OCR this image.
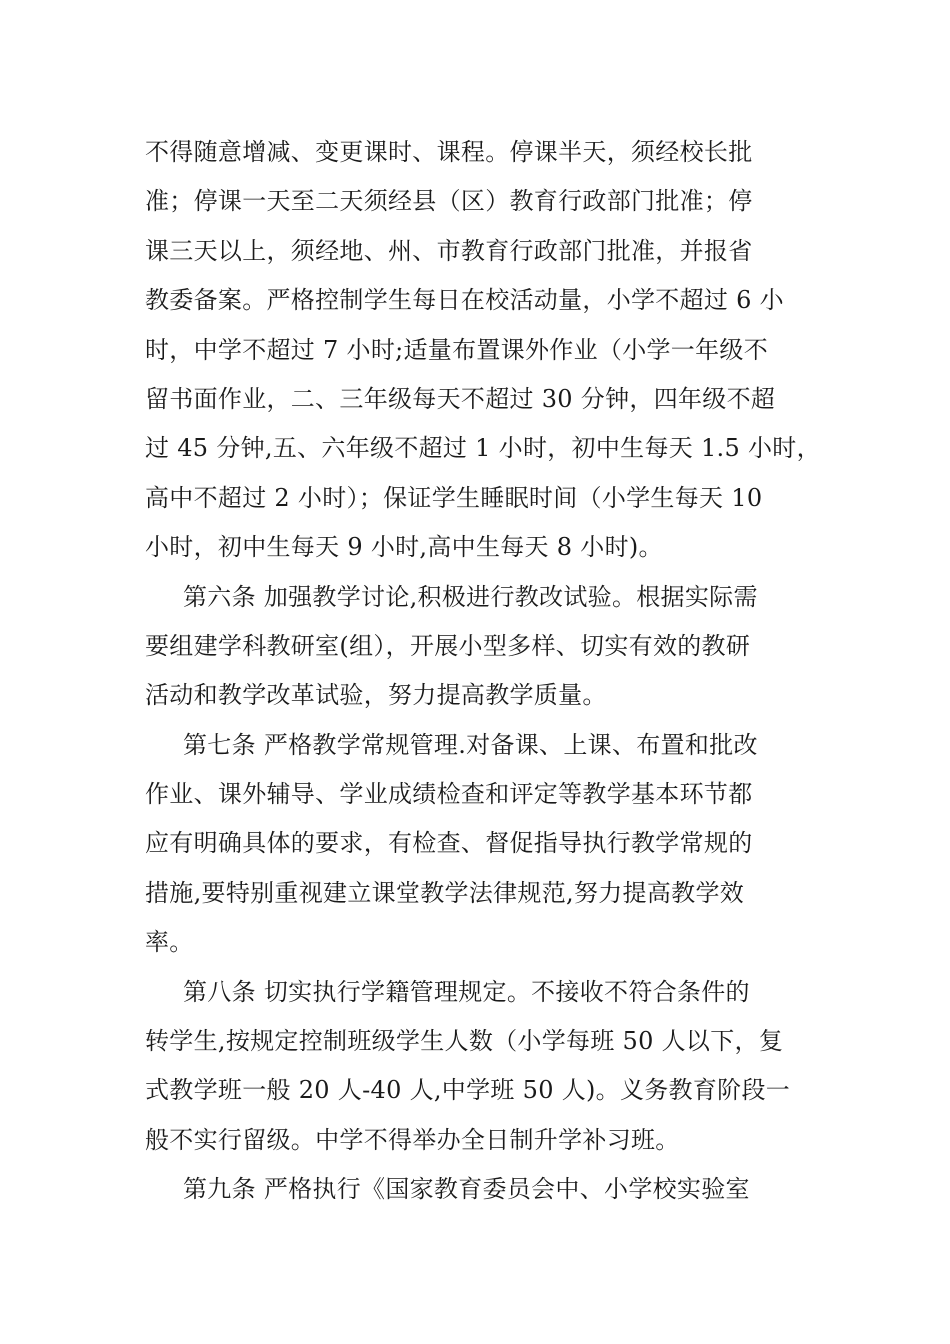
不得随意增减、变更课时、课程。停课半天，须经校长批
准；停课一天至二天须经县（区）教育行政部门批准；停
课三天以上，须经地、州、市教育行政部门批准，并报省
教委备案。严格控制学生每日在校活动量，小学不超过 6 小
时，中学不超过 7 小时;适量布置课外作业（小学一年级不
留书面作业，二、三年级每天不超过 30 分钟，四年级不超
过 45 分钟,五、六年级不超过 1 小时，初中生每天 1.5 小时，
高中不超过 2 小时）；保证学生睡眠时间（小学生每天 10
小时，初中生每天 9 小时,高中生每天 8 小时)。
第六条 加强教学讨论,积极进行教改试验。根据实际需
要组建学科教研室(组），开展小型多样、切实有效的教研
活动和教学改革试验，努力提高教学质量。
第七条 严格教学常规管理.对备课、上课、布置和批改
作业、课外辅导、学业成绩检查和评定等教学基本环节都
应有明确具体的要求，有检查、督促指导执行教学常规的
措施,要特别重视建立课堂教学法律规范,努力提高教学效
率。
第八条 切实执行学籍管理规定。不接收不符合条件的
转学生,按规定控制班级学生人数（小学每班 50 人以下，复
式教学班一般 20 人-40 人,中学班 50 人)。义务教育阶段一
般不实行留级。中学不得举办全日制升学补习班。
第九条 严格执行《国家教育委员会中、小学校实验室
